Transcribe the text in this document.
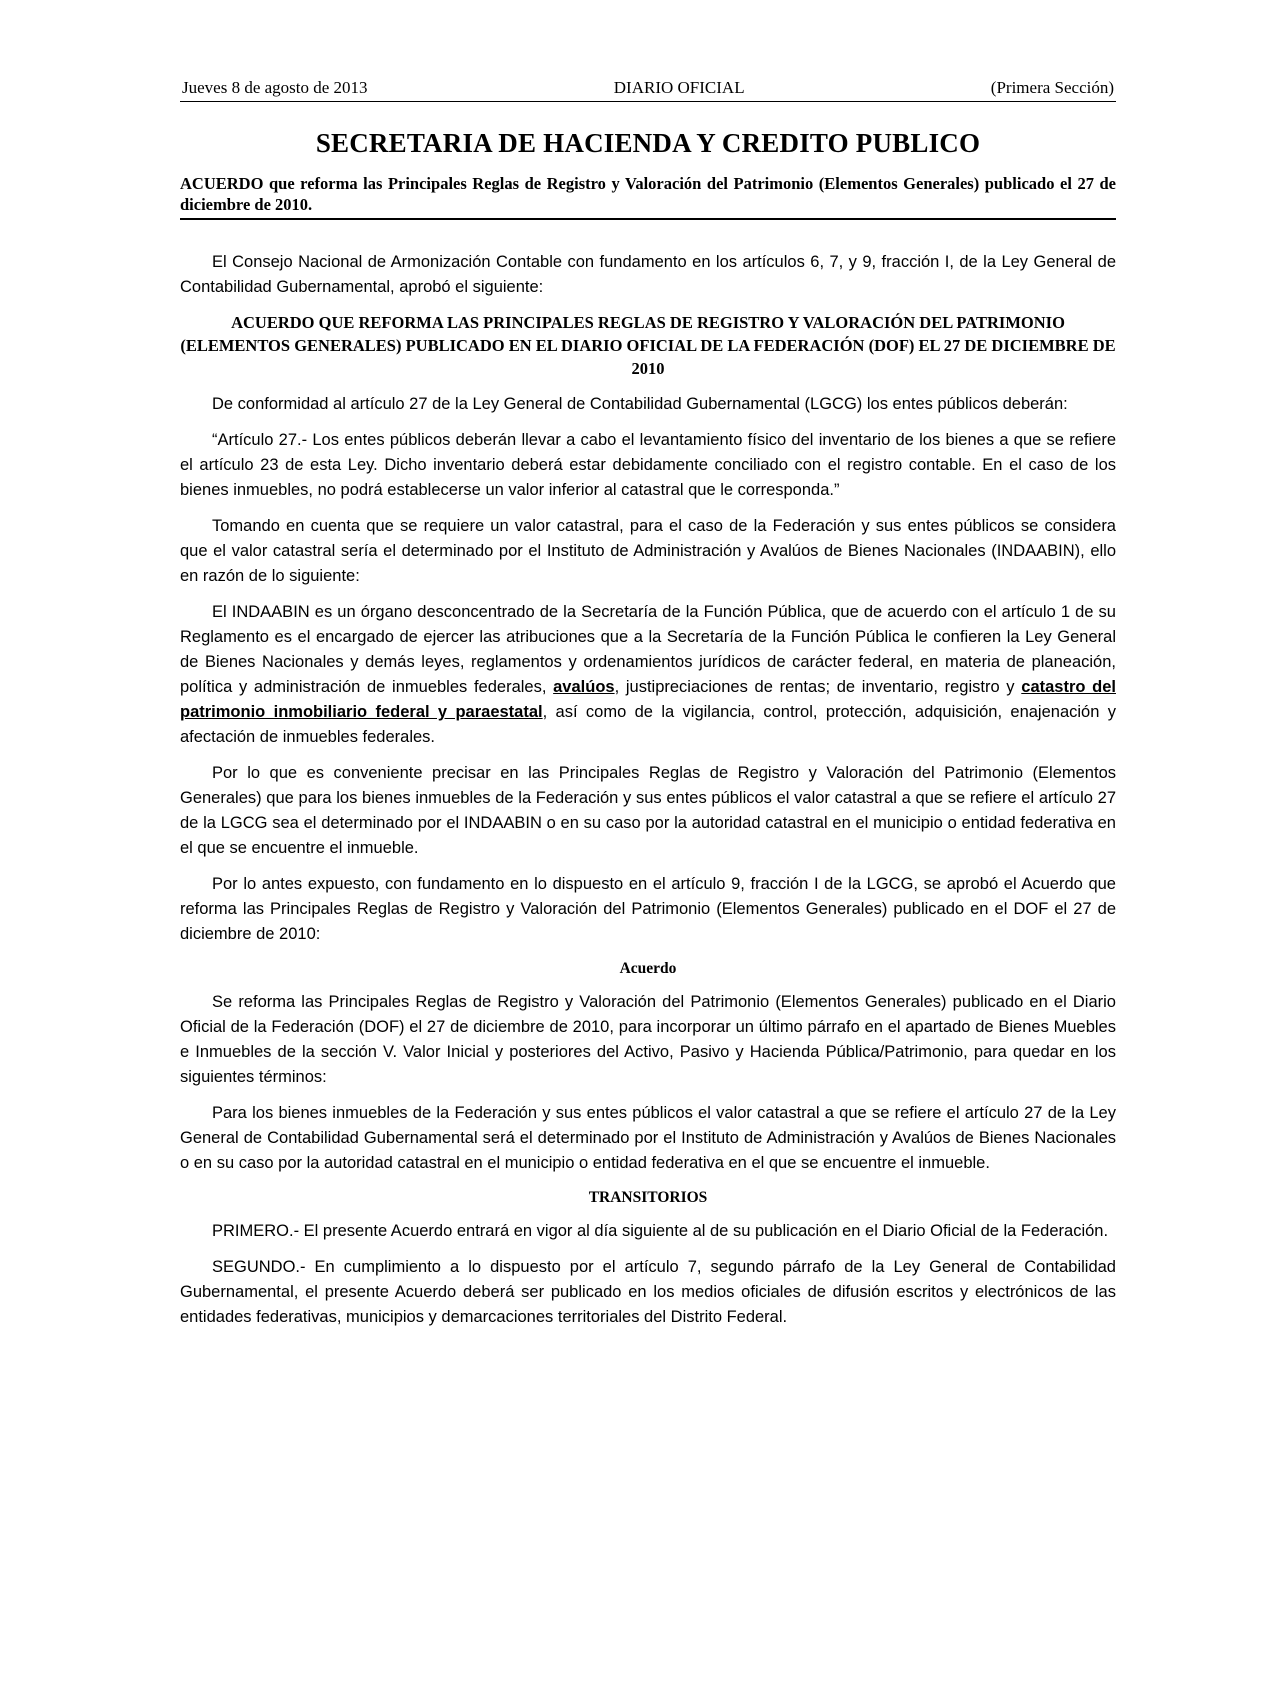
Jueves 8 de agosto de 2013	DIARIO OFICIAL	(Primera Sección)
SECRETARIA DE HACIENDA Y CREDITO PUBLICO
ACUERDO que reforma las Principales Reglas de Registro y Valoración del Patrimonio (Elementos Generales) publicado el 27 de diciembre de 2010.

El Consejo Nacional de Armonización Contable con fundamento en los artículos 6, 7, y 9, fracción I, de la Ley General de Contabilidad Gubernamental, aprobó el siguiente:

ACUERDO QUE REFORMA LAS PRINCIPALES REGLAS DE REGISTRO Y VALORACIÓN DEL PATRIMONIO (ELEMENTOS GENERALES) PUBLICADO EN EL DIARIO OFICIAL DE LA FEDERACIÓN (DOF) EL 27 DE DICIEMBRE DE 2010

De conformidad al artículo 27 de la Ley General de Contabilidad Gubernamental (LGCG) los entes públicos deberán:

“Artículo 27.- Los entes públicos deberán llevar a cabo el levantamiento físico del inventario de los bienes a que se refiere el artículo 23 de esta Ley. Dicho inventario deberá estar debidamente conciliado con el registro contable. En el caso de los bienes inmuebles, no podrá establecerse un valor inferior al catastral que le corresponda.”

Tomando en cuenta que se requiere un valor catastral, para el caso de la Federación y sus entes públicos se considera que el valor catastral sería el determinado por el Instituto de Administración y Avalúos de Bienes Nacionales (INDAABIN), ello en razón de lo siguiente:

El INDAABIN es un órgano desconcentrado de la Secretaría de la Función Pública, que de acuerdo con el artículo 1 de su Reglamento es el encargado de ejercer las atribuciones que a la Secretaría de la Función Pública le confieren la Ley General de Bienes Nacionales y demás leyes, reglamentos y ordenamientos jurídicos de carácter federal, en materia de planeación, política y administración de inmuebles federales, avalúos, justipreciaciones de rentas; de inventario, registro y catastro del patrimonio inmobiliario federal y paraestatal, así como de la vigilancia, control, protección, adquisición, enajenación y afectación de inmuebles federales.

Por lo que es conveniente precisar en las Principales Reglas de Registro y Valoración del Patrimonio (Elementos Generales) que para los bienes inmuebles de la Federación y sus entes públicos el valor catastral a que se refiere el artículo 27 de la LGCG sea el determinado por el INDAABIN o en su caso por la autoridad catastral en el municipio o entidad federativa en el que se encuentre el inmueble.

Por lo antes expuesto, con fundamento en lo dispuesto en el artículo 9, fracción I de la LGCG, se aprobó el Acuerdo que reforma las Principales Reglas de Registro y Valoración del Patrimonio (Elementos Generales) publicado en el DOF el 27 de diciembre de 2010:

Acuerdo

Se reforma las Principales Reglas de Registro y Valoración del Patrimonio (Elementos Generales) publicado en el Diario Oficial de la Federación (DOF) el 27 de diciembre de 2010, para incorporar un último párrafo en el apartado de Bienes Muebles e Inmuebles de la sección V. Valor Inicial y posteriores del Activo, Pasivo y Hacienda Pública/Patrimonio, para quedar en los siguientes términos:

Para los bienes inmuebles de la Federación y sus entes públicos el valor catastral a que se refiere el artículo 27 de la Ley General de Contabilidad Gubernamental será el determinado por el Instituto de Administración y Avalúos de Bienes Nacionales o en su caso por la autoridad catastral en el municipio o entidad federativa en el que se encuentre el inmueble.

TRANSITORIOS

PRIMERO.- El presente Acuerdo entrará en vigor al día siguiente al de su publicación en el Diario Oficial de la Federación.

SEGUNDO.- En cumplimiento a lo dispuesto por el artículo 7, segundo párrafo de la Ley General de Contabilidad Gubernamental, el presente Acuerdo deberá ser publicado en los medios oficiales de difusión escritos y electrónicos de las entidades federativas, municipios y demarcaciones territoriales del Distrito Federal.
